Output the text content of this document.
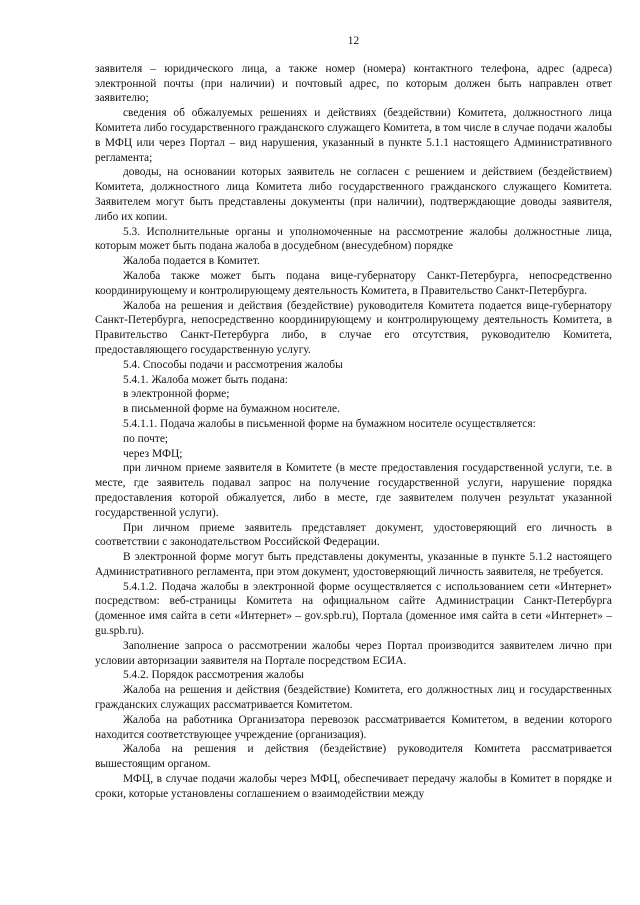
12

заявителя – юридического лица, а также номер (номера) контактного телефона, адрес (адреса) электронной почты (при наличии) и почтовый адрес, по которым должен быть направлен ответ заявителю;

сведения об обжалуемых решениях и действиях (бездействии) Комитета, должностного лица Комитета либо государственного гражданского служащего Комитета, в том числе в случае подачи жалобы в МФЦ или через Портал – вид нарушения, указанный в пункте 5.1.1 настоящего Административного регламента;

доводы, на основании которых заявитель не согласен с решением и действием (бездействием) Комитета, должностного лица Комитета либо государственного гражданского служащего Комитета. Заявителем могут быть представлены документы (при наличии), подтверждающие доводы заявителя, либо их копии.

5.3. Исполнительные органы и уполномоченные на рассмотрение жалобы должностные лица, которым может быть подана жалоба в досудебном (внесудебном) порядке

Жалоба подается в Комитет.

Жалоба также может быть подана вице-губернатору Санкт-Петербурга, непосредственно координирующему и контролирующему деятельность Комитета, в Правительство Санкт-Петербурга.

Жалоба на решения и действия (бездействие) руководителя Комитета подается вице-губернатору Санкт-Петербурга, непосредственно координирующему и контролирующему деятельность Комитета, в Правительство Санкт-Петербурга либо, в случае его отсутствия, руководителю Комитета, предоставляющего государственную услугу.

5.4. Способы подачи и рассмотрения жалобы

5.4.1. Жалоба может быть подана:

в электронной форме;

в письменной форме на бумажном носителе.

5.4.1.1. Подача жалобы в письменной форме на бумажном носителе осуществляется:

по почте;

через МФЦ;

при личном приеме заявителя в Комитете (в месте предоставления государственной услуги, т.е. в месте, где заявитель подавал запрос на получение государственной услуги, нарушение порядка предоставления которой обжалуется, либо в месте, где заявителем получен результат указанной государственной услуги).

При личном приеме заявитель представляет документ, удостоверяющий его личность в соответствии с законодательством Российской Федерации.

В электронной форме могут быть представлены документы, указанные в пункте 5.1.2 настоящего Административного регламента, при этом документ, удостоверяющий личность заявителя, не требуется.

5.4.1.2. Подача жалобы в электронной форме осуществляется с использованием сети «Интернет» посредством: веб-страницы Комитета на официальном сайте Администрации Санкт-Петербурга (доменное имя сайта в сети «Интернет» – gov.spb.ru), Портала (доменное имя сайта в сети «Интернет» – gu.spb.ru).

Заполнение запроса о рассмотрении жалобы через Портал производится заявителем лично при условии авторизации заявителя на Портале посредством ЕСИА.

5.4.2. Порядок рассмотрения жалобы

Жалоба на решения и действия (бездействие) Комитета, его должностных лиц и государственных гражданских служащих рассматривается Комитетом.

Жалоба на работника Организатора перевозок рассматривается Комитетом, в ведении которого находится соответствующее учреждение (организация).

Жалоба на решения и действия (бездействие) руководителя Комитета рассматривается вышестоящим органом.

МФЦ, в случае подачи жалобы через МФЦ, обеспечивает передачу жалобы в Комитет в порядке и сроки, которые установлены соглашением о взаимодействии между
